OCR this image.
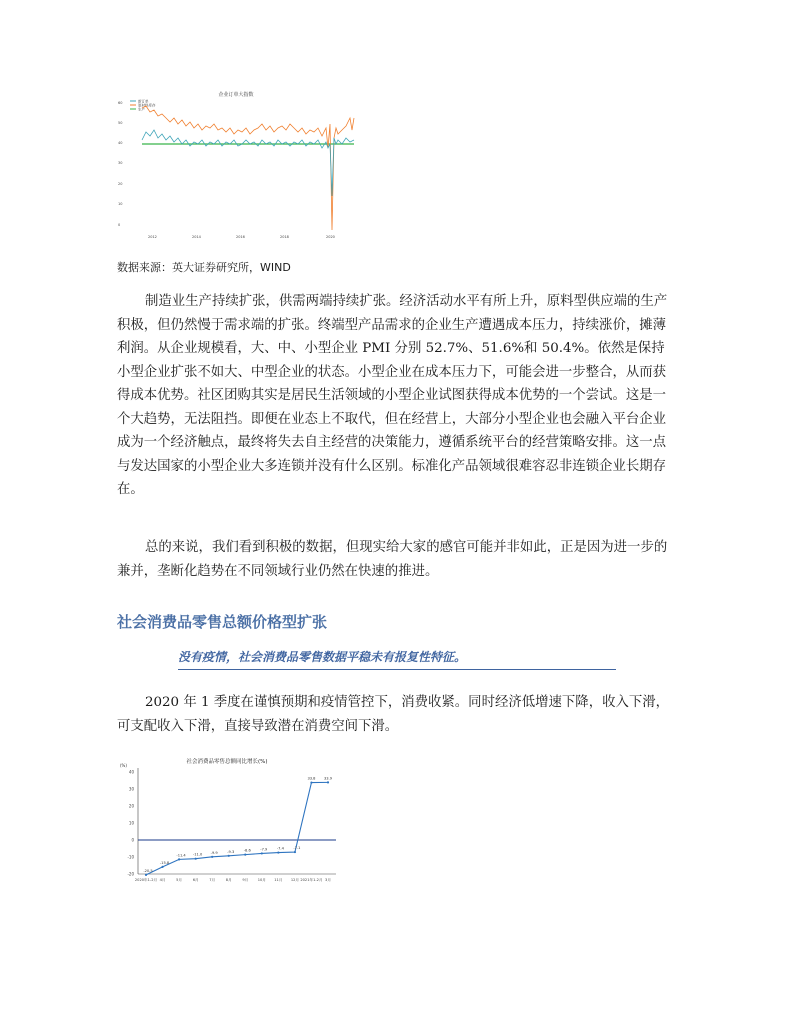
企业订单大指数
新订单
原材料库存
生产
60
50
40
30
20
10
0
2012	2014	2016	2018	2020
数据来源：英大证券研究所，WIND

制造业生产持续扩张，供需两端持续扩张。经济活动水平有所上升，原料型供应端的生产积极，但仍然慢于需求端的扩张。终端型产品需求的企业生产遭遇成本压力，持续涨价，摊薄利润。从企业规模看，大、中、小型企业 PMI 分别 52.7%、51.6%和 50.4%。依然是保持小型企业扩张不如大、中型企业的状态。小型企业在成本压力下，可能会进一步整合，从而获得成本优势。社区团购其实是居民生活领域的小型企业试图获得成本优势的一个尝试。这是一个大趋势，无法阻挡。即便在业态上不取代，但在经营上，大部分小型企业也会融入平台企业成为一个经济触点，最终将失去自主经营的决策能力，遵循系统平台的经营策略安排。这一点与发达国家的小型企业大多连锁并没有什么区别。标准化产品领域很难容忍非连锁企业长期存在。

总的来说，我们看到积极的数据，但现实给大家的感官可能并非如此，正是因为进一步的兼并，垄断化趋势在不同领域行业仍然在快速的推进。

社会消费品零售总额价格型扩张
没有疫情，社会消费品零售数据平稳未有报复性特征。

2020 年 1 季度在谨慎预期和疫情管控下，消费收紧。同时经济低增速下降，收入下滑，可支配收入下滑，直接导致潜在消费空间下滑。

社会消费品零售总额同比增长(%)
(%)
-20
-10
0
10
20
30
40
-20.5
-15.8
-11.4 -11.0 -9.9	-9.3	-8.6	-7.9	-7.4	-7.1
33.8 33.9
2020年1-2月 4月	5月	6月	7月	8月	9月	10月 11月 12月 2021年1-2月 3月
